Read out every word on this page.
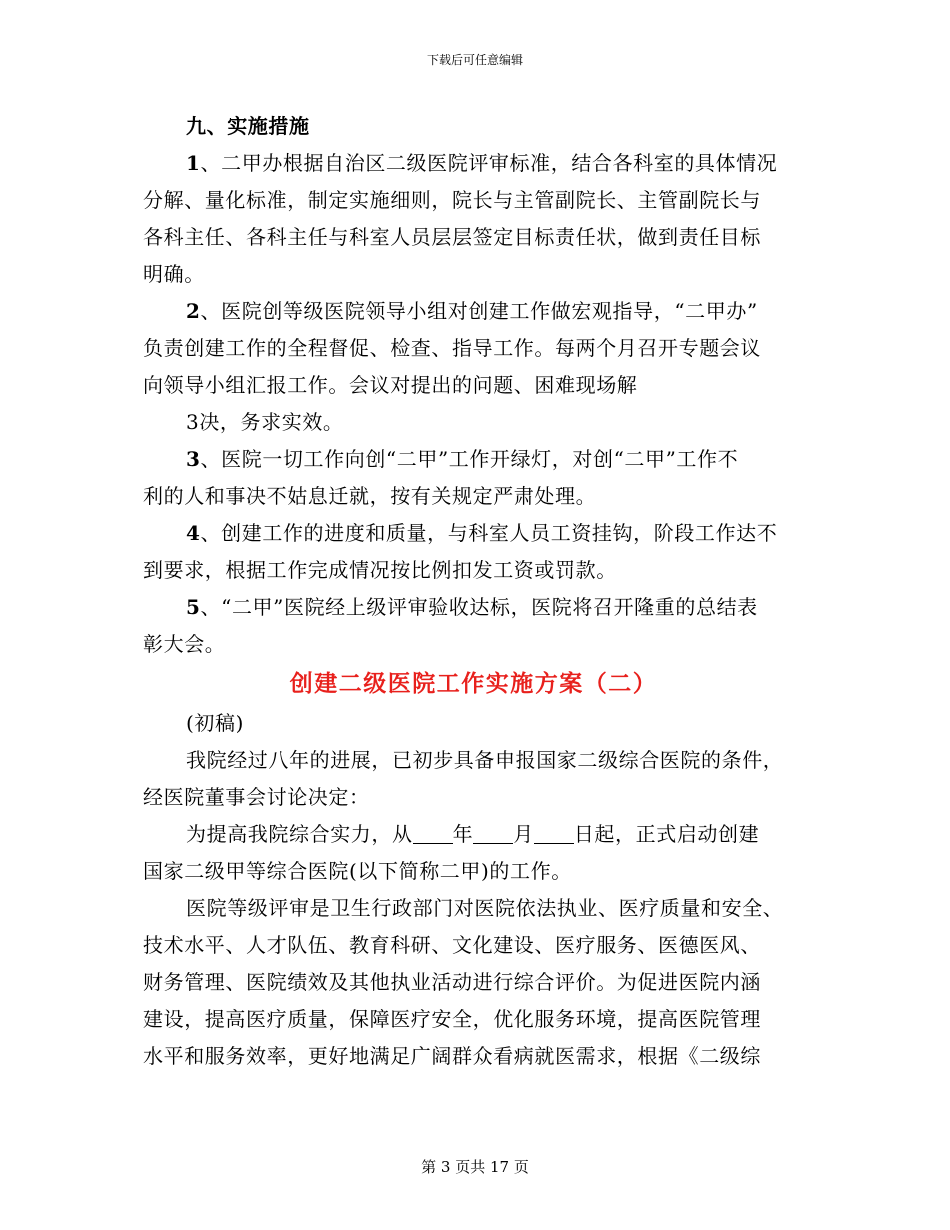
下载后可任意编辑
九、实施措施
1、二甲办根据自治区二级医院评审标准，结合各科室的具体情况
分解、量化标准，制定实施细则，院长与主管副院长、主管副院长与
各科主任、各科主任与科室人员层层签定目标责任状，做到责任目标
明确。
2、医院创等级医院领导小组对创建工作做宏观指导，“二甲办”
负责创建工作的全程督促、检查、指导工作。每两个月召开专题会议
向领导小组汇报工作。会议对提出的问题、困难现场解
3决，务求实效。
3、医院一切工作向创“二甲”工作开绿灯，对创“二甲”工作不
利的人和事决不姑息迁就，按有关规定严肃处理。
4、创建工作的进度和质量，与科室人员工资挂钩，阶段工作达不
到要求，根据工作完成情况按比例扣发工资或罚款。
5、“二甲”医院经上级评审验收达标，医院将召开隆重的总结表
彰大会。
创建二级医院工作实施方案（二）
(初稿)
我院经过八年的进展，已初步具备申报国家二级综合医院的条件，
经医院董事会讨论决定：
为提高我院综合实力，从 年 月 日起，正式启动创建
国家二级甲等综合医院(以下简称二甲)的工作。
医院等级评审是卫生行政部门对医院依法执业、医疗质量和安全、
技术水平、人才队伍、教育科研、文化建设、医疗服务、医德医风、
财务管理、医院绩效及其他执业活动进行综合评价。为促进医院内涵
建设，提高医疗质量，保障医疗安全，优化服务环境，提高医院管理
水平和服务效率，更好地满足广阔群众看病就医需求，根据《二级综
第 3 页共 17 页
